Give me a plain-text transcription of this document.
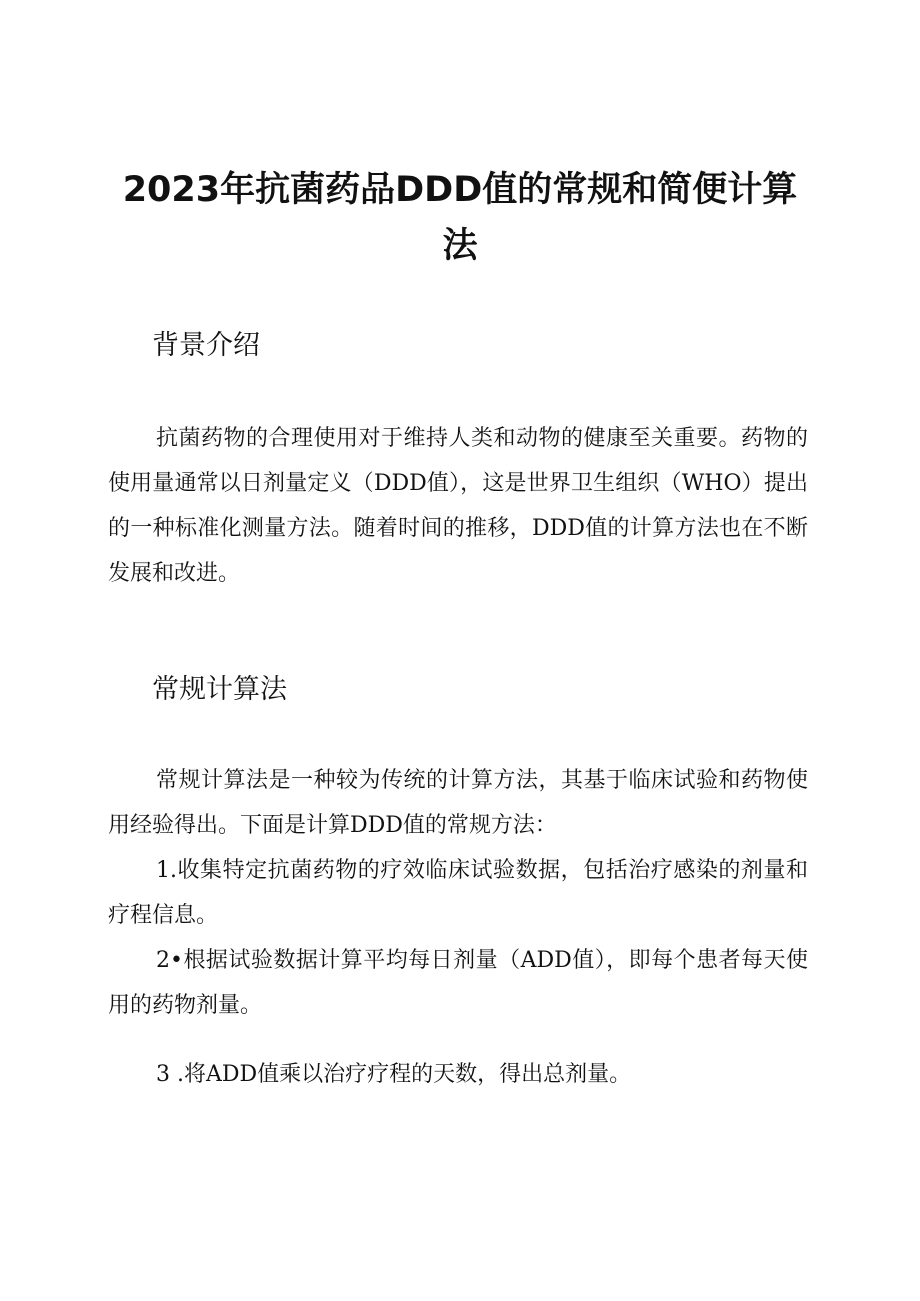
2023年抗菌药品DDD值的常规和简便计算法
背景介绍

抗菌药物的合理使用对于维持人类和动物的健康至关重要。药物的使用量通常以日剂量定义（DDD值），这是世界卫生组织（WHO）提出的一种标准化测量方法。随着时间的推移，DDD值的计算方法也在不断发展和改进。

常规计算法

常规计算法是一种较为传统的计算方法，其基于临床试验和药物使用经验得出。下面是计算DDD值的常规方法：

1.收集特定抗菌药物的疗效临床试验数据，包括治疗感染的剂量和疗程信息。

2•根据试验数据计算平均每日剂量（ADD值），即每个患者每天使用的药物剂量。

3 .将ADD值乘以治疗疗程的天数，得出总剂量。
